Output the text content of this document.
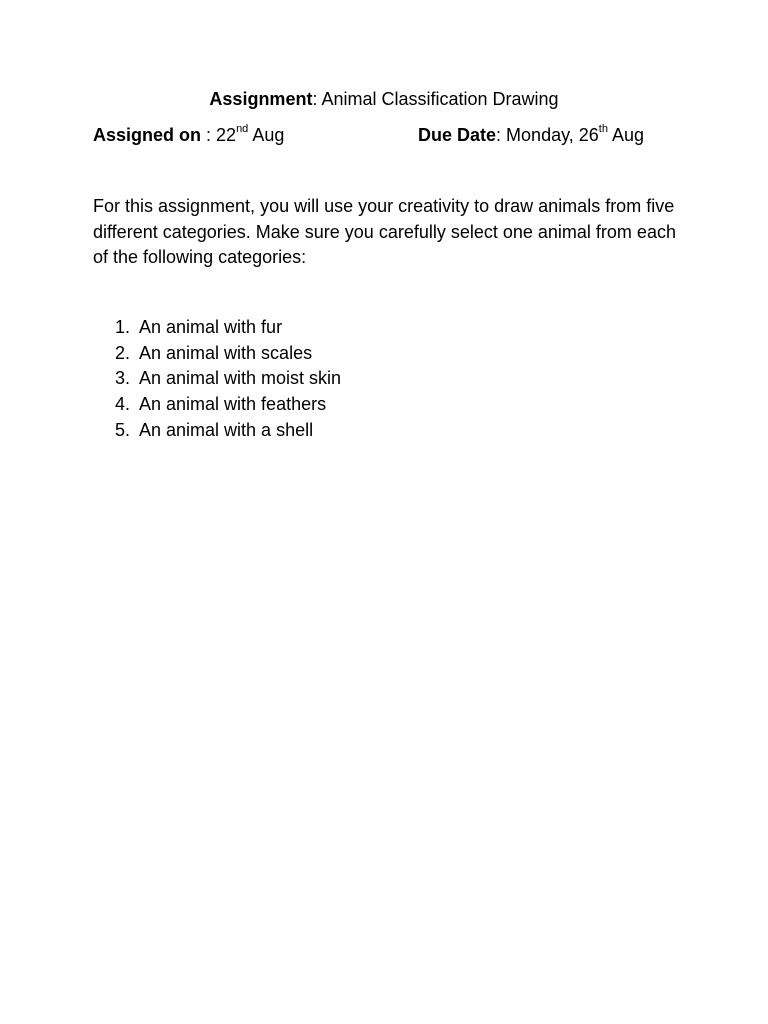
Assignment: Animal Classification Drawing
Assigned on : 22nd Aug	Due Date: Monday, 26th Aug

For this assignment, you will use your creativity to draw animals from five different categories. Make sure you carefully select one animal from each of the following categories:

1. An animal with fur
2. An animal with scales
3. An animal with moist skin
4. An animal with feathers
5. An animal with a shell
